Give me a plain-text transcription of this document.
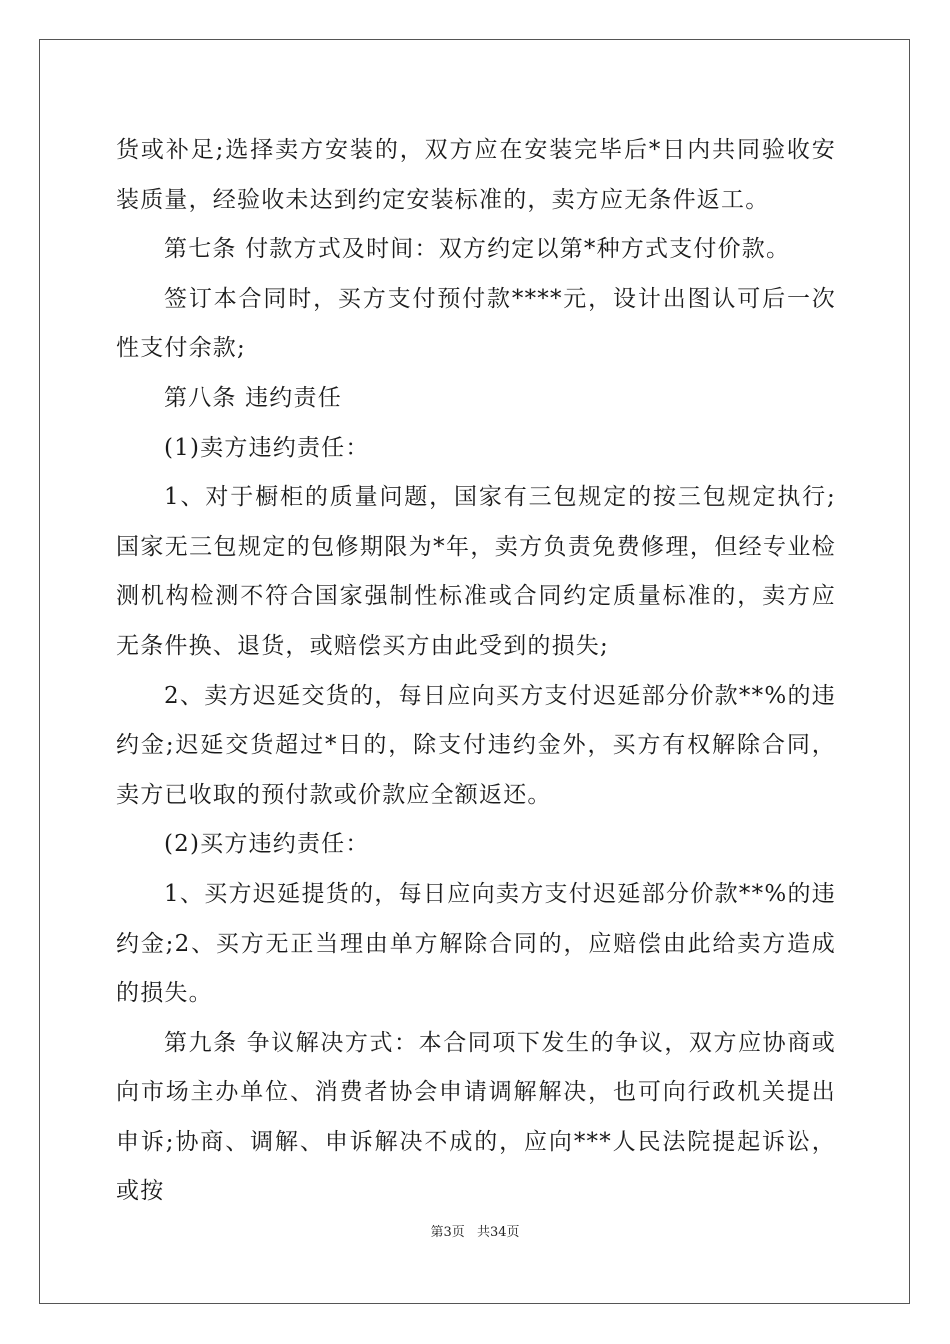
货或补足;选择卖方安装的，双方应在安装完毕后*日内共同验收安装质量，经验收未达到约定安装标准的，卖方应无条件返工。

第七条 付款方式及时间：双方约定以第*种方式支付价款。

签订本合同时，买方支付预付款****元，设计出图认可后一次性支付余款;

第八条 违约责任

(1)卖方违约责任：

1、对于橱柜的质量问题，国家有三包规定的按三包规定执行;国家无三包规定的包修期限为*年，卖方负责免费修理，但经专业检测机构检测不符合国家强制性标准或合同约定质量标准的，卖方应无条件换、退货，或赔偿买方由此受到的损失;

2、卖方迟延交货的，每日应向买方支付迟延部分价款**%的违约金;迟延交货超过*日的，除支付违约金外，买方有权解除合同，卖方已收取的预付款或价款应全额返还。

(2)买方违约责任：

1、买方迟延提货的，每日应向卖方支付迟延部分价款**%的违约金;2、买方无正当理由单方解除合同的，应赔偿由此给卖方造成的损失。

第九条 争议解决方式：本合同项下发生的争议，双方应协商或向市场主办单位、消费者协会申请调解解决，也可向行政机关提出申诉;协商、调解、申诉解决不成的，应向***人民法院提起诉讼，或按

第3页 共34页
